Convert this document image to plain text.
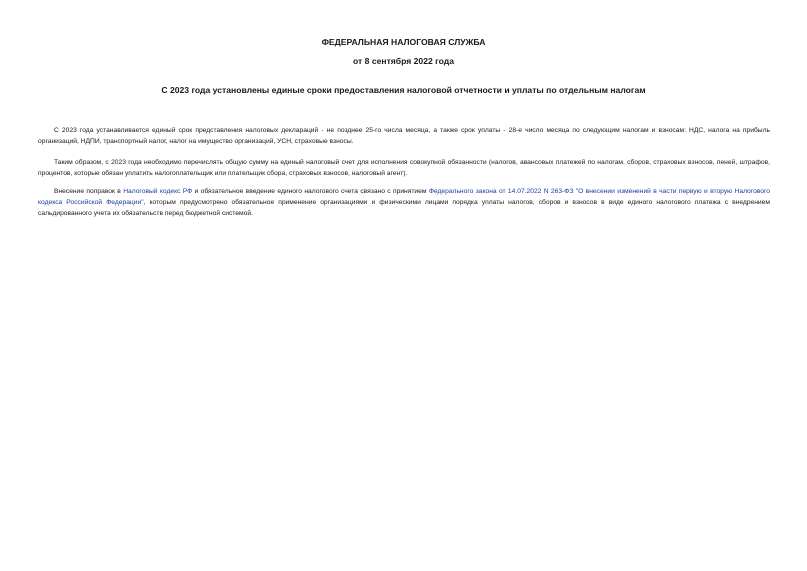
ФЕДЕРАЛЬНАЯ НАЛОГОВАЯ СЛУЖБА
от 8 сентября 2022 года
С 2023 года установлены единые сроки предоставления налоговой отчетности и уплаты по отдельным налогам

С 2023 года устанавливается единый срок представления налоговых деклараций - не позднее 25-го числа месяца, а также срок уплаты - 28-е число месяца по следующим налогам и взносам: НДС, налога на прибыль организаций, НДПИ, транспортный налог, налог на имущество организаций, УСН, страховые взносы.

Таким образом, с 2023 года необходимо перечислять общую сумму на единый налоговый счет для исполнения совокупной обязанности (налогов, авансовых платежей по налогам, сборов, страховых взносов, пеней, штрафов, процентов, которые обязан уплатить налогоплательщик или плательщик сбора, страховых взносов, налоговый агент).

Внесение поправок в Налоговый кодекс РФ и обязательное введение единого налогового счета связано с принятием Федерального закона от 14.07.2022 N 263-ФЗ "О внесении изменений в части первую и вторую Налогового кодекса Российской Федерации", которым предусмотрено обязательное применение организациями и физическими лицами порядка уплаты налогов, сборов и взносов в виде единого налогового платежа с внедрением сальдированного учета их обязательств перед бюджетной системой.
